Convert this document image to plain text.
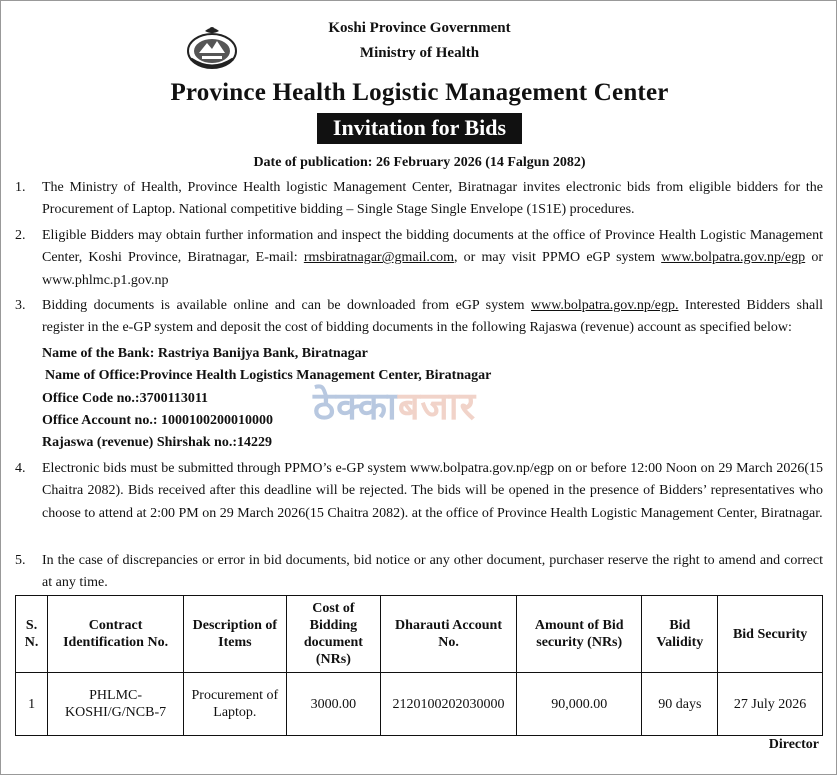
Koshi Province Government
Ministry of Health
Province Health Logistic Management Center
Invitation for Bids
Date of publication: 26 February 2026 (14 Falgun 2082)
1. The Ministry of Health, Province Health logistic Management Center, Biratnagar invites electronic bids from eligible bidders for the Procurement of Laptop. National competitive bidding – Single Stage Single Envelope (1S1E) procedures.
2. Eligible Bidders may obtain further information and inspect the bidding documents at the office of Province Health Logistic Management Center, Koshi Province, Biratnagar, E-mail: rmsbiratnagar@gmail.com, or may visit PPMO eGP system www.bolpatra.gov.np/egp or www.phlmc.p1.gov.np
3. Bidding documents is available online and can be downloaded from eGP system www.bolpatra.gov.np/egp. Interested Bidders shall register in the e-GP system and deposit the cost of bidding documents in the following Rajaswa (revenue) account as specified below:
ठेक्काबजार
Name of the Bank: Rastriya Banijya Bank, Biratnagar
Name of Office:Province Health Logistics Management Center, Biratnagar
Office Code no.:3700113011
Office Account no.: 1000100200010000
Rajaswa (revenue) Shirshak no.:14229
4. Electronic bids must be submitted through PPMO’s e-GP system www.bolpatra.gov.np/egp on or before 12:00 Noon on 29 March 2026(15 Chaitra 2082). Bids received after this deadline will be rejected. The bids will be opened in the presence of Bidders’ representatives who choose to attend at 2:00 PM on 29 March 2026(15 Chaitra 2082). at the office of Province Health Logistic Management Center, Biratnagar.
5. In the case of discrepancies or error in bid documents, bid notice or any other document, purchaser reserve the right to amend and correct at any time.
S. N.	Contract Identification No.	Description of Items	Cost of Bidding document (NRs)	Dharauti Account No.	Amount of Bid security (NRs)	Bid Validity	Bid Security
1	PHLMC-KOSHI/G/NCB-7	Procurement of Laptop.	3000.00	2120100202030000	90,000.00	90 days	27 July 2026
Director
